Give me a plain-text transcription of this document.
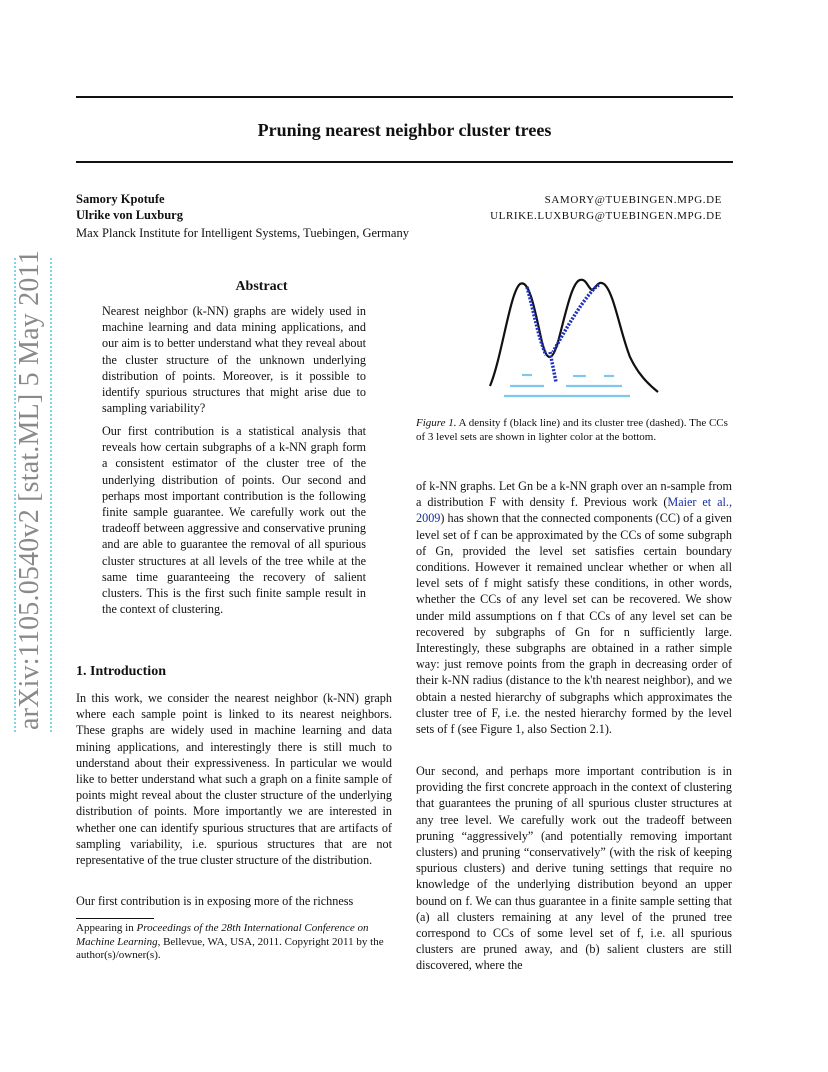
Pruning nearest neighbor cluster trees
Samory Kpotufe
Ulrike von Luxburg
SAMORY@TUEBINGEN.MPG.DE
ULRIKE.LUXBURG@TUEBINGEN.MPG.DE
Max Planck Institute for Intelligent Systems, Tuebingen, Germany
arXiv:1105.0540v2 [stat.ML] 5 May 2011	Abstract
Nearest neighbor (k-NN) graphs are widely used in machine learning and data mining applications, and our aim is to better understand what they reveal about the cluster structure of the unknown underlying distribution of points. Moreover, is it possible to identify spurious structures that might arise due to sampling variability?
Our first contribution is a statistical analysis that reveals how certain subgraphs of a k-NN graph form a consistent estimator of the cluster tree of the underlying distribution of points. Our second and perhaps most important contribution is the following finite sample guarantee. We carefully work out the tradeoff between aggressive and conservative pruning and are able to guarantee the removal of all spurious cluster structures at all levels of the tree while at the same time guaranteeing the recovery of salient clusters. This is the first such finite sample result in the context of clustering.
1. Introduction
In this work, we consider the nearest neighbor (k-NN) graph where each sample point is linked to its nearest neighbors. These graphs are widely used in machine learning and data mining applications, and interestingly there is still much to understand about their expressiveness. In particular we would like to better understand what such a graph on a finite sample of points might reveal about the cluster structure of the underlying distribution of points. More importantly we are interested in whether one can identify spurious structures that are artifacts of sampling variability, i.e. spurious structures that are not representative of the true cluster structure of the distribution.
Our first contribution is in exposing more of the richness
Appearing in Proceedings of the 28th International Conference on Machine Learning, Bellevue, WA, USA, 2011. Copyright 2011 by the author(s)/owner(s).
Figure 1. A density f (black line) and its cluster tree (dashed). The CCs of 3 level sets are shown in lighter color at the bottom.
of k-NN graphs. Let Gn be a k-NN graph over an n-sample from a distribution F with density f. Previous work (Maier et al., 2009) has shown that the connected components (CC) of a given level set of f can be approximated by the CCs of some subgraph of Gn, provided the level set satisfies certain boundary conditions. However it remained unclear whether or when all level sets of f might satisfy these conditions, in other words, whether the CCs of any level set can be recovered. We show under mild assumptions on f that CCs of any level set can be recovered by subgraphs of Gn for n sufficiently large. Interestingly, these subgraphs are obtained in a rather simple way: just remove points from the graph in decreasing order of their k-NN radius (distance to the k'th nearest neighbor), and we obtain a nested hierarchy of subgraphs which approximates the cluster tree of F, i.e. the nested hierarchy formed by the level sets of f (see Figure 1, also Section 2.1).
Our second, and perhaps more important contribution is in providing the first concrete approach in the context of clustering that guarantees the pruning of all spurious cluster structures at any tree level. We carefully work out the tradeoff between pruning “aggressively” (and potentially removing important clusters) and pruning “conservatively” (with the risk of keeping spurious clusters) and derive tuning settings that require no knowledge of the underlying distribution beyond an upper bound on f. We can thus guarantee in a finite sample setting that (a) all clusters remaining at any level of the pruned tree correspond to CCs of some level set of f, i.e. all spurious clusters are pruned away, and (b) salient clusters are still discovered, where the
